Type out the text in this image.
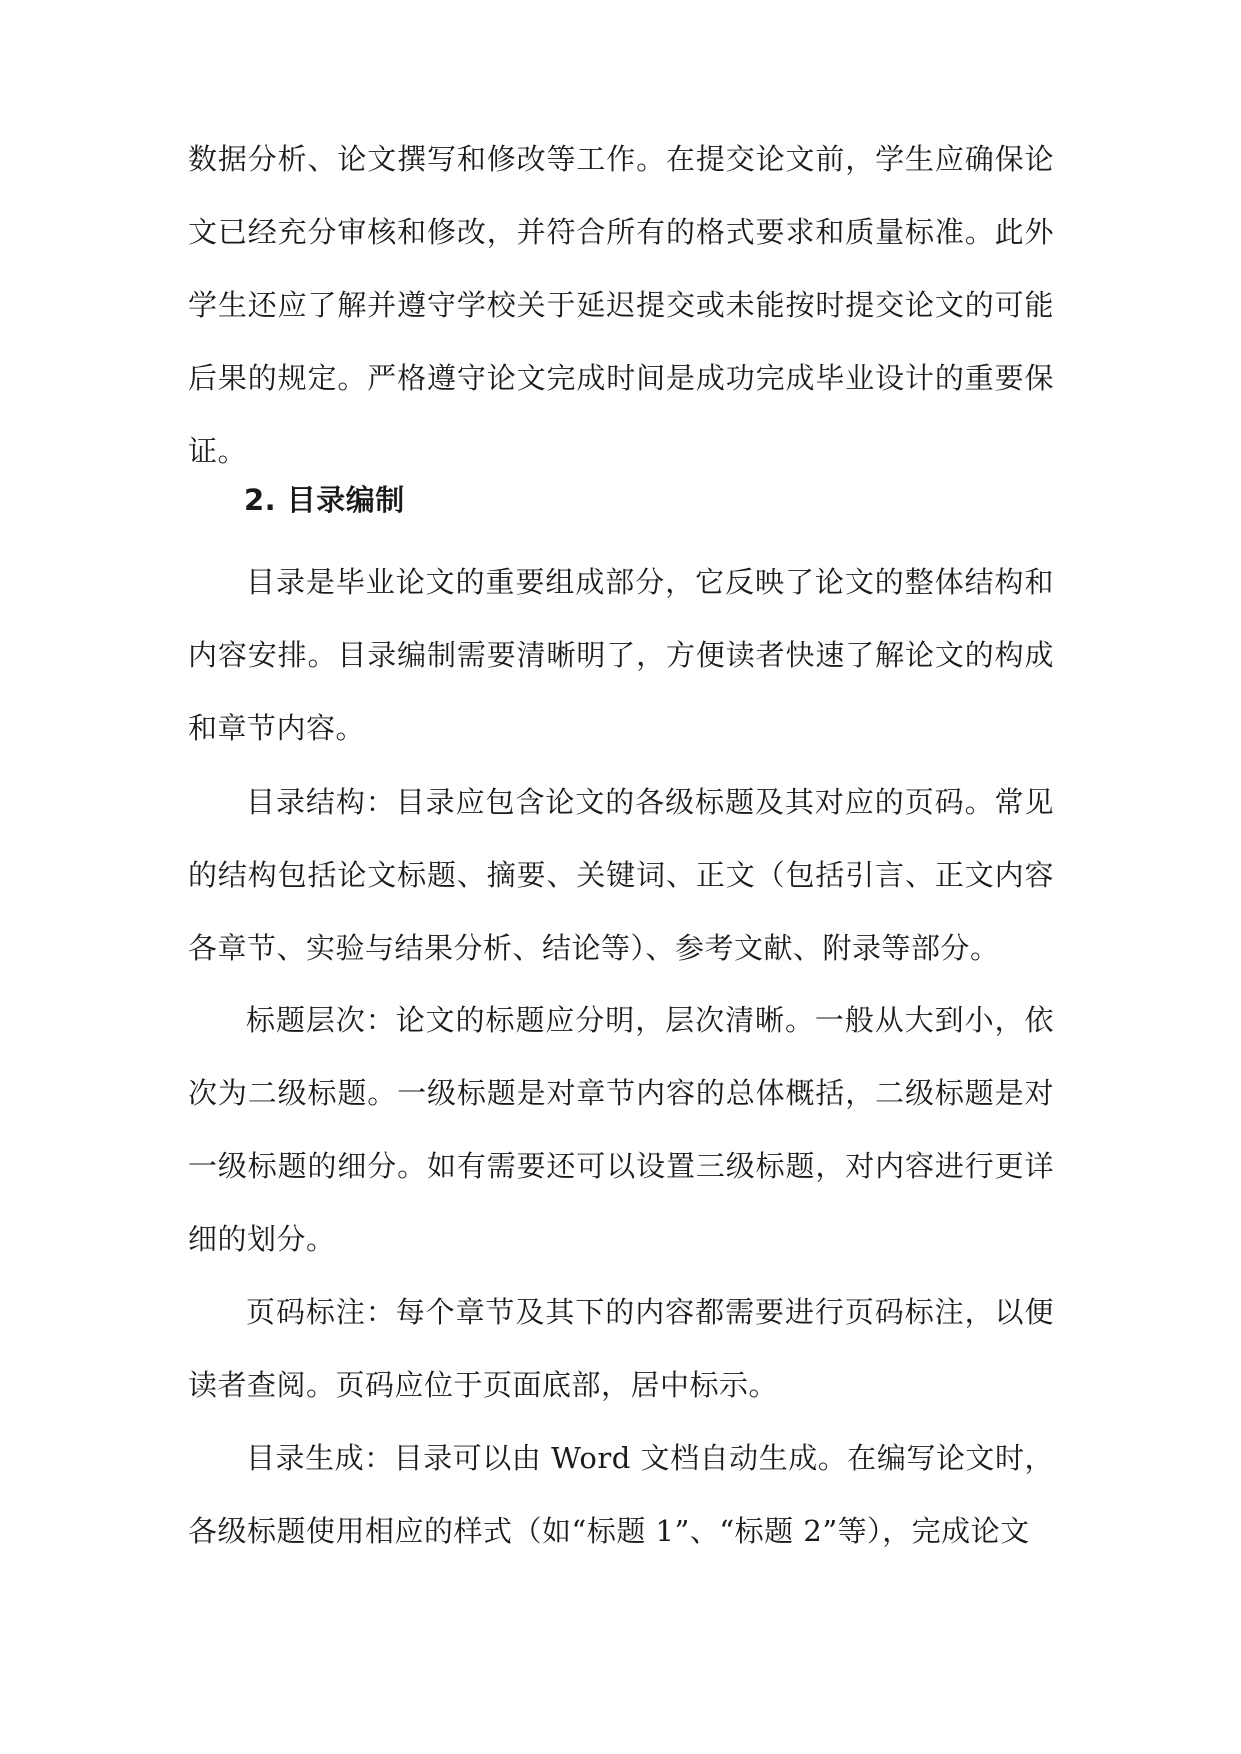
数据分析、论文撰写和修改等工作。在提交论文前，学生应确保论文已经充分审核和修改，并符合所有的格式要求和质量标准。此外学生还应了解并遵守学校关于延迟提交或未能按时提交论文的可能后果的规定。严格遵守论文完成时间是成功完成毕业设计的重要保证。

2. 目录编制

目录是毕业论文的重要组成部分，它反映了论文的整体结构和内容安排。目录编制需要清晰明了，方便读者快速了解论文的构成和章节内容。

目录结构：目录应包含论文的各级标题及其对应的页码。常见的结构包括论文标题、摘要、关键词、正文（包括引言、正文内容各章节、实验与结果分析、结论等）、参考文献、附录等部分。

标题层次：论文的标题应分明，层次清晰。一般从大到小，依次为二级标题。一级标题是对章节内容的总体概括，二级标题是对一级标题的细分。如有需要还可以设置三级标题，对内容进行更详细的划分。

页码标注：每个章节及其下的内容都需要进行页码标注，以便读者查阅。页码应位于页面底部，居中标示。

目录生成：目录可以由 Word 文档自动生成。在编写论文时，各级标题使用相应的样式（如“标题 1”、“标题 2”等），完成论文
